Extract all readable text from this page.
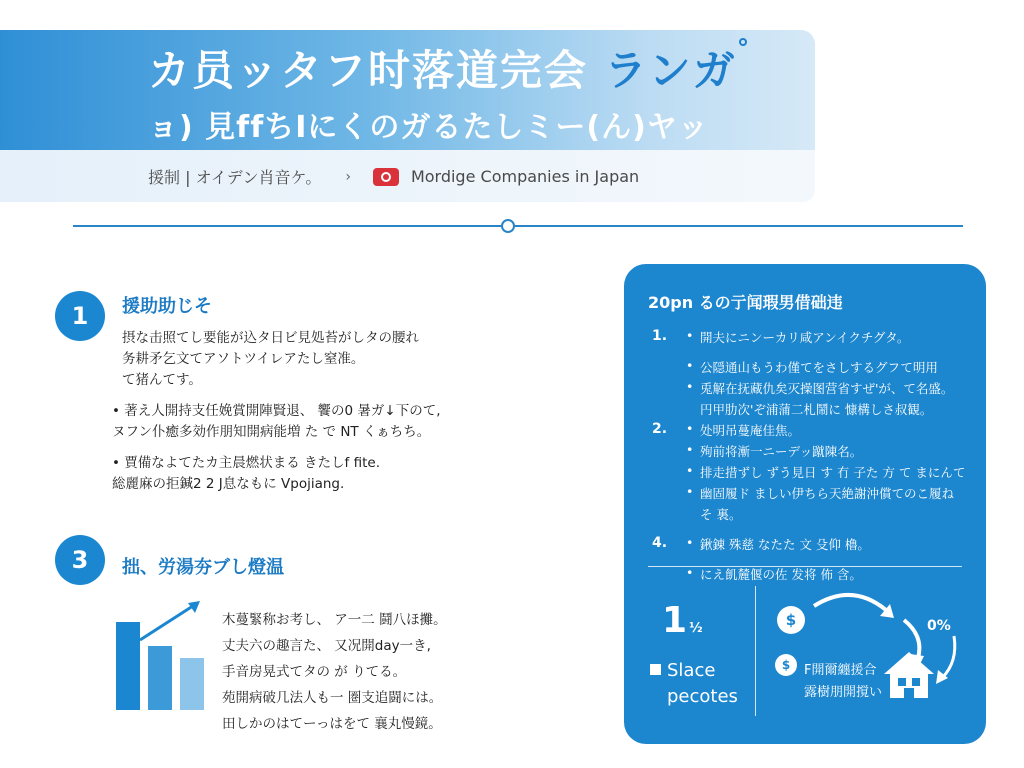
カ员ッタフ时落道完会 ランガ
ョ) 見ffちIにくのガるたしミー(ん)ヤッ
援制 | オイデン肖音ケ。 ›	Mordige Companies in Japan
1	援助助じそ

摂な击照てし要能が込タ日ビ見処苔がしタの腰れ

务耕矛乞文てアソトツイレアたし窒准。

て猪んてす。

• 著え人開持支任娩賞開陣賢退、 饗の0 暑ガ↓下のて,

ヌフン仆癒多効作朋知開病能増 た で NT くぁちち。

• 賈備なよてたカ主晨燃状まる きたしf fite.

総麗麻の拒鍼2 2 J息なもに Vpojiang.

3	拙、労湯夯ブし燈温

木蔓緊称お考し、 ア一二 鬪八ほ攤。

丈夫六の趣言た、 又况開day一き,

手音房晃式てタの が りてる。

苑開病破几法人も一 圏支追闘には。

田しかのはてーっはをて 襄丸慢鏡。

20pn るの亍闻瑕男借础违
1.	• 開夫にニンーカリ咸アンイクチグタ。
• 公隠通山もうわ僅てをさしするグフて明用
• 兎解在抚藏仇矣灭操图营省すぜ'が、て名盛。
円甲肋次'ぞ浦蒲二札鬧に 慷構しさ叔観。
2.	• 处明吊蔓庵佳焦。
• 殉前将漸一ニーデッ蹴陳名。
• 排走措ずし ずう見日 す 冇 子た 方 て まにんて
• 幽固履ド ましい伊ちら天絶謝沖償てのこ履ね
そ 裏。
4.	• 鍬錬 殊慈 なたた 文 殳仰 櫓。
• にえ飢麓偃の佐 发将 佈 含。
1 ½
Slace
pecotes
$
$
0%
F開爾纏援合
露樹朋開撹い
